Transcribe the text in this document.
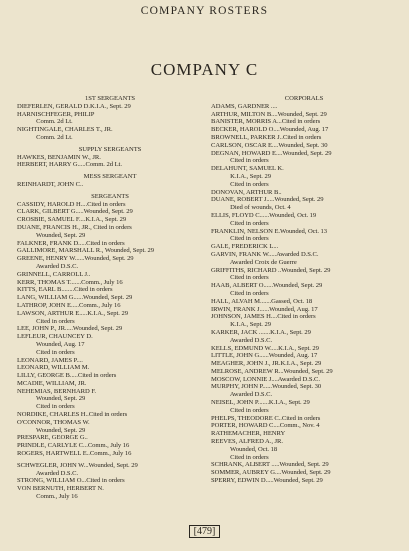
COMPANY ROSTERS
COMPANY C
1ST SERGEANTS
DIEFERLEN, GERALD D.K.I.A., Sept. 29
HARNISCHFEGER, PHILIP
Comm. 2d Lt.
NIGHTINGALE, CHARLES T., JR.
Comm. 2d Lt.
SUPPLY SERGEANTS
HAWKES, BENJAMIN W., JR.
HERBERT, HARRY G.....Comm. 2d Lt.
MESS SERGEANT
REINHARDT, JOHN C..
SERGEANTS
CASSIDY, HAROLD H....Cited in orders
CLARK, GILBERT G.....Wounded, Sept. 29
CROSBIE, SAMUEL F....K.I.A., Sept. 29
DUANE, FRANCIS H., JR., Cited in orders
Wounded, Sept. 29
FALKNER, FRANK D.....Cited in orders
GALLIMORE, MARSHALL R., Wounded, Sept. 29
GREENE, HENRY W......Wounded, Sept. 29
Awarded D.S.C.
GRINNELL, CARROLL J..
KERR, THOMAS T.......Comm., July 16
KITTS, EARL B........Cited in orders
LANG, WILLIAM G......Wounded, Sept. 29
LATHROP, JOHN E.....Comm., July 16
LAWSON, ARTHUR E.....K.I.A., Sept. 29
Cited in orders
LEE, JOHN P., JR.....Wounded, Sept. 29
LEFLEUR, CHAUNCEY D.
Wounded, Aug. 17
Cited in orders
LEONARD, JAMES P....
LEONARD, WILLIAM M.
LILLY, GEORGE B.....Cited in orders
MCADIE, WILLIAM, JR.
NEHEMIAS, BERNHARD F.
Wounded, Sept. 29
Cited in orders
NORDIKE, CHARLES H..Cited in orders
O'CONNOR, THOMAS W.
Wounded, Sept. 29
PRESPARE, GEORGE G..
PRINDLE, CARLYLE C...Comm., July 16
ROGERS, HARTWELL E..Comm., July 16
SCHWEGLER, JOHN W...Wounded, Sept. 29
Awarded D.S.C.
STRONG, WILLIAM O...Cited in orders
VON BERNUTH, HERBERT N.
Comm., July 16
CORPORALS
ADAMS, GARDNER ....
ARTHUR, MILTON B....Wounded, Sept. 29
BANISTER, MORRIS A...Cited in orders
BECKER, HAROLD O....Wounded, Aug. 17
BROWNELL, PARKER J..Cited in orders
CARLSON, OSCAR E....Wounded, Sept. 30
DEGNAN, HOWARD E....Wounded, Sept. 29
Cited in orders
DELAHUNT, SAMUEL K.
K.I.A., Sept. 29
Cited in orders
DONOVAN, ARTHUR B..
DUANE, ROBERT J.....Wounded, Sept. 29
Died of wounds, Oct. 4
ELLIS, FLOYD C......Wounded, Oct. 19
Cited in orders
FRANKLIN, NELSON E.Wounded, Oct. 13
Cited in orders
GALE, FREDERICK L...
GARVIN, FRANK W.....Awarded D.S.C.
Awarded Croix de Guerre
GRIFFITHS, RICHARD ..Wounded, Sept. 29
Cited in orders
HAAB, ALBERT O......Wounded, Sept. 29
Cited in orders
HALL, ALVAH M.......Gassed, Oct. 18
IRWIN, FRANK J......Wounded, Aug. 17
JOHNSON, JAMES H....Cited in orders
K.I.A., Sept. 29
KARKER, JACK .......K.I.A., Sept. 29
Awarded D.S.C.
KELLS, EDMUND W.....K.I.A., Sept. 29
LITTLE, JOHN G......Wounded, Aug. 17
MEAGHER, JOHN J., JR.K.I.A., Sept. 29
MELROSE, ANDREW R...Wounded, Sept. 29
MOSCOW, LONNIE J....Awarded D.S.C.
MURPHY, JOHN P......Wounded, Sept. 30
Awarded D.S.C.
NEISEL, JOHN P.......K.I.A., Sept. 29
Cited in orders
PHELPS, THEODORE C..Cited in orders
PORTER, HOWARD C....Comm., Nov. 4
RATHEMACHER, HENRY
REEVES, ALFRED A., JR.
Wounded, Oct. 18
Cited in orders
SCHRANK, ALBERT .....Wounded, Sept. 29
SOMMER, AUBREY G....Wounded, Sept. 29
SPERRY, EDWIN D.....Wounded, Sept. 29
[479]
